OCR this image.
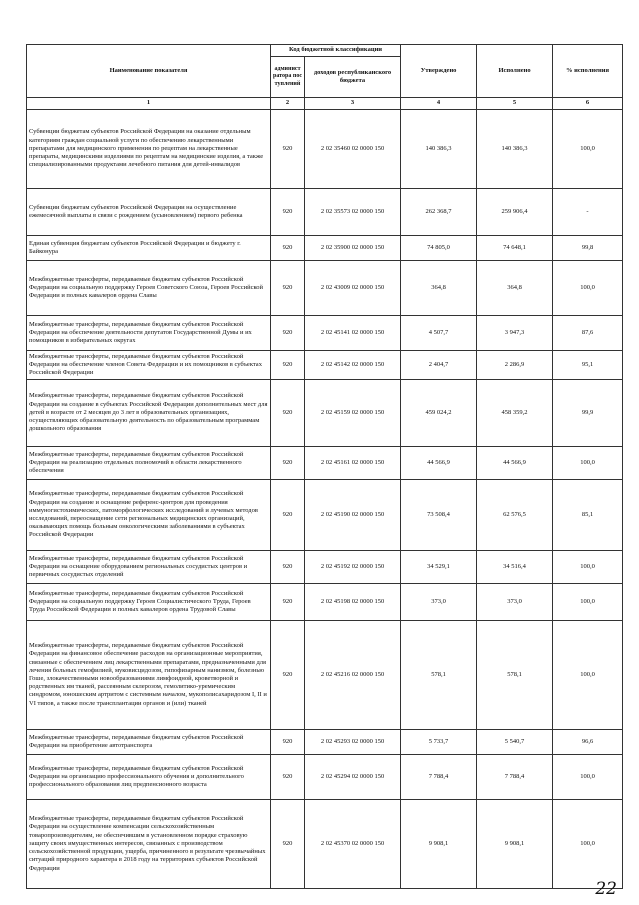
Наименование показателя	Код бюджетной классификации		Утверждено	Исполнено	% исполнения
	администратора поступлений	доходов республиканского бюджета			
1	2	3	4	5	6
Субвенции бюджетам субъектов Российской Федерации на оказание отдельным категориям граждан социальной услуги по обеспечению лекарственными препаратами для медицинского применения по рецептам на лекарственные препараты, медицинскими изделиями по рецептам на медицинские изделия, а также специализированными продуктами лечебного питания для детей-инвалидов	920	2 02 35460 02 0000 150	140 386,3	140 386,3	100,0
Субвенции бюджетам субъектов Российской Федерации на осуществление ежемесячной выплаты в связи с рождением (усыновлением) первого ребенка	920	2 02 35573 02 0000 150	262 368,7	259 906,4	-
Единая субвенция бюджетам субъектов Российской Федерации и бюджету г. Байконура	920	2 02 35900 02 0000 150	74 805,0	74 648,1	99,8
Межбюджетные трансферты, передаваемые бюджетам субъектов Российской Федерации на социальную поддержку Героев Советского Союза, Героев Российской Федерации и полных кавалеров ордена Славы	920	2 02 43009 02 0000 150	364,8	364,8	100,0
Межбюджетные трансферты, передаваемые бюджетам субъектов Российской Федерации на обеспечение деятельности депутатов Государственной Думы и их помощников в избирательных округах	920	2 02 45141 02 0000 150	4 507,7	3 947,3	87,6
Межбюджетные трансферты, передаваемые бюджетам субъектов Российской Федерации на обеспечение членов Совета Федерации и их помощников в субъектах Российской Федерации	920	2 02 45142 02 0000 150	2 404,7	2 286,9	95,1
Межбюджетные трансферты, передаваемые бюджетам субъектов Российской Федерации на создание в субъектах Российской Федерации дополнительных мест для детей в возрасте от 2 месяцев до 3 лет в образовательных организациях, осуществляющих образовательную деятельность по образовательным программам дошкольного образования	920	2 02 45159 02 0000 150	459 024,2	458 359,2	99,9
Межбюджетные трансферты, передаваемые бюджетам субъектов Российской Федерации на реализацию отдельных полномочий в области лекарственного обеспечения	920	2 02 45161 02 0000 150	44 566,9	44 566,9	100,0
Межбюджетные трансферты, передаваемые бюджетам субъектов Российской Федерации на создание и оснащение референс-центров для проведения иммуногистохимических, патоморфологических исследований и лучевых методов исследований, переоснащение сети региональных медицинских организаций, оказывающих помощь больным онкологическими заболеваниями в субъектах Российской Федерации	920	2 02 45190 02 0000 150	73 508,4	62 576,5	85,1
Межбюджетные трансферты, передаваемые бюджетам субъектов Российской Федерации на оснащение оборудованием региональных сосудистых центров и первичных сосудистых отделений	920	2 02 45192 02 0000 150	34 529,1	34 516,4	100,0
Межбюджетные трансферты, передаваемые бюджетам субъектов Российской Федерации на социальную поддержку Героев Социалистического Труда, Героев Труда Российской Федерации и полных кавалеров ордена Трудовой Славы	920	2 02 45198 02 0000 150	373,0	373,0	100,0
Межбюджетные трансферты, передаваемые бюджетам субъектов Российской Федерации на финансовое обеспечение расходов на организационные мероприятия, связанные с обеспечением лиц лекарственными препаратами, предназначенными для лечения больных гемофилией, муковисцидозом, гипофизарным нанизмом, болезнью Гоше, злокачественными новообразованиями лимфоидной, кроветворной и родственных им тканей, рассеянным склерозом, гемолитико-уремическим синдромом, юношеским артритом с системным началом, мукополисахаридозом I, II и VI типов, а также после трансплантации органов и (или) тканей	920	2 02 45216 02 0000 150	578,1	578,1	100,0
Межбюджетные трансферты, передаваемые бюджетам субъектов Российской Федерации на приобретение автотранспорта	920	2 02 45293 02 0000 150	5 733,7	5 540,7	96,6
Межбюджетные трансферты, передаваемые бюджетам субъектов Российской Федерации на организацию профессионального обучения и дополнительного профессионального образования лиц предпенсионного возраста	920	2 02 45294 02 0000 150	7 788,4	7 788,4	100,0
Межбюджетные трансферты, передаваемые бюджетам субъектов Российской Федерации на осуществление компенсации сельскохозяйственным товаропроизводителям, не обеспечившим в установленном порядке страховую защиту своих имущественных интересов, связанных с производством сельскохозяйственной продукции, ущерба, причиненного в результате чрезвычайных ситуаций природного характера в 2018 году на территориях субъектов Российской Федерации	920	2 02 45370 02 0000 150	9 908,1	9 908,1	100,0
22
